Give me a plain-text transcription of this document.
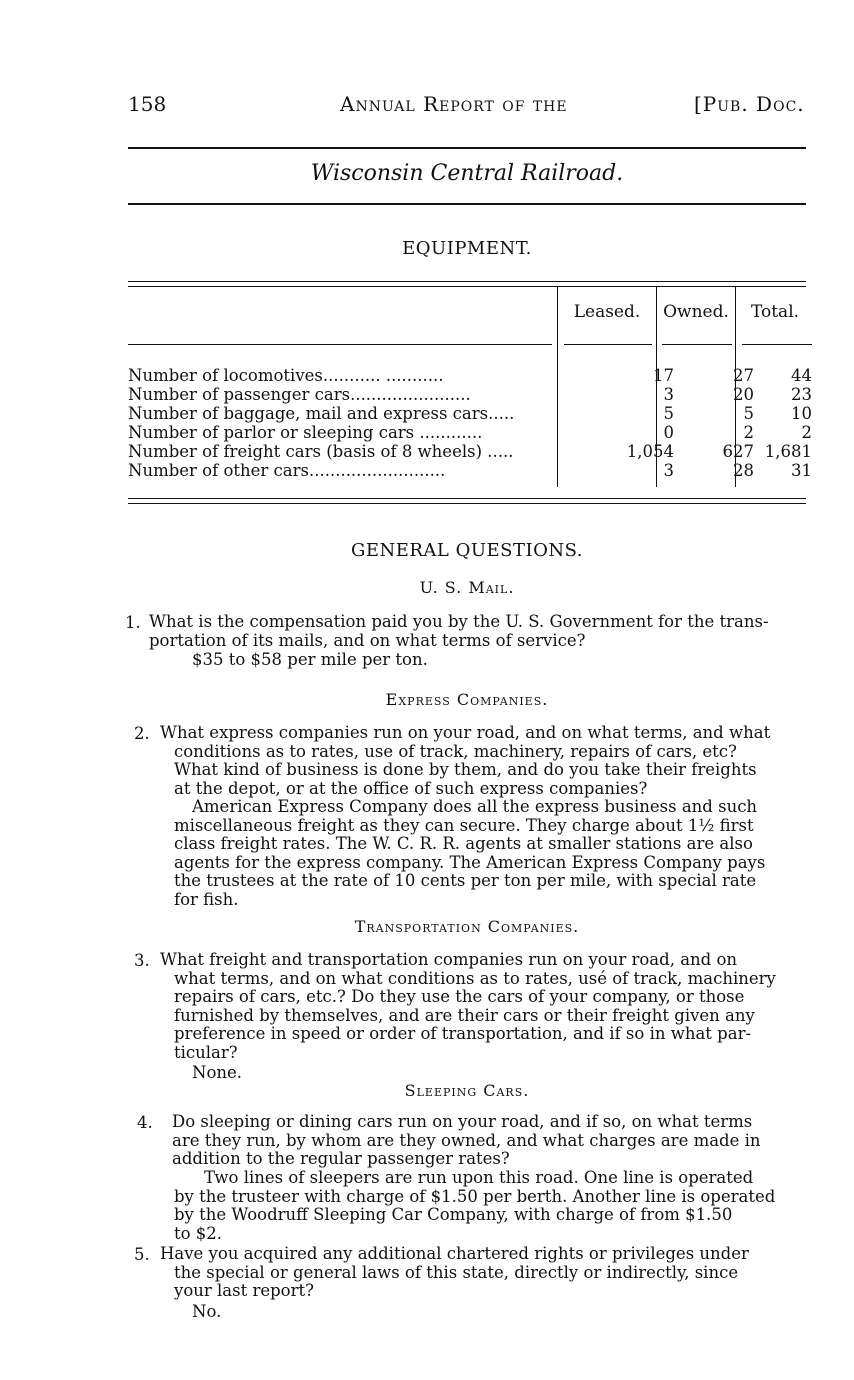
158	Annual Report of the	[Pub. Doc.
Wisconsin Central Railroad.
EQUIPMENT.
Leased.	Owned.	Total.
Number of locomotives........... ...........	17	27	44
Number of passenger cars.......................	3	20	23
Number of baggage, mail and express cars.....	5	5	10
Number of parlor or sleeping cars ............	0	2	2
Number of freight cars (basis of 8 wheels) .....	1,054	627 1,681
Number of other cars..........................	3	28	31
GENERAL QUESTIONS.
U. S. Mail.
1. What is the compensation paid you by the U. S. Government for the trans-
portation of its mails, and on what terms of service?
$35 to $58 per mile per ton.
Express Companies.
2. What express companies run on your road, and on what terms, and what
conditions as to rates, use of track, machinery, repairs of cars, etc?
What kind of business is done by them, and do you take their freights
at the depot, or at the office of such express companies?
American Express Company does all the express business and such
miscellaneous freight as they can secure. They charge about 1½ first
class freight rates. The W. C. R. R. agents at smaller stations are also
agents for the express company. The American Express Company pays
the trustees at the rate of 10 cents per ton per mile, with special rate
for fish.
Transportation Companies.
3. What freight and transportation companies run on your road, and on
what terms, and on what conditions as to rates, usé of track, machinery
repairs of cars, etc.? Do they use the cars of your company, or those
furnished by themselves, and are their cars or their freight given any
preference in speed or order of transportation, and if so in what par-
ticular?
None.
Sleeping Cars.
4. Do sleeping or dining cars run on your road, and if so, on what terms
are they run, by whom are they owned, and what charges are made in
addition to the regular passenger rates?
Two lines of sleepers are run upon this road. One line is operated
by the trusteer with charge of $1.50 per berth. Another line is operated
by the Woodruff Sleeping Car Company, with charge of from $1.50
to $2.
5. Have you acquired any additional chartered rights or privileges under
the special or general laws of this state, directly or indirectly, since
your last report?
No.
